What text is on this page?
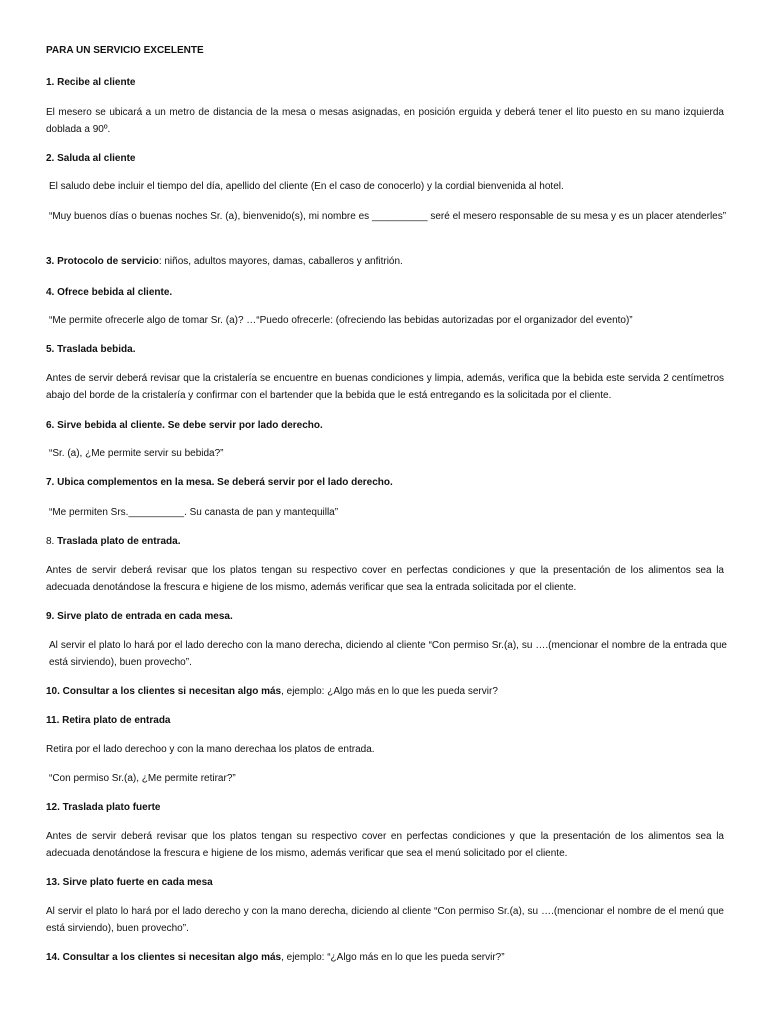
PARA UN SERVICIO EXCELENTE

1. Recibe al cliente

El mesero se ubicará a un metro de distancia de la mesa o mesas asignadas, en posición erguida y deberá tener el lito puesto en su mano izquierda doblada a 90º.

2. Saluda al cliente

El saludo debe incluir el tiempo del día, apellido del cliente (En el caso de conocerlo) y la cordial bienvenida al hotel.

“Muy buenos días o buenas noches Sr. (a), bienvenido(s), mi nombre es __________ seré el mesero responsable de su mesa y es un placer atenderles”

3. Protocolo de servicio: niños, adultos mayores, damas, caballeros y anfitrión.

4. Ofrece bebida al cliente.

“Me permite ofrecerle algo de tomar Sr. (a)? …“Puedo ofrecerle: (ofreciendo las bebidas autorizadas por el organizador del evento)”

5. Traslada bebida.

Antes de servir deberá revisar que la cristalería se encuentre en buenas condiciones y limpia, además, verifica que la bebida este servida 2 centímetros abajo del borde de la cristalería y confirmar con el bartender que la bebida que le está entregando es la solicitada por el cliente.

6. Sirve bebida al cliente. Se debe servir por lado derecho.

“Sr. (a), ¿Me permite servir su bebida?”

7. Ubica complementos en la mesa. Se deberá servir por el lado derecho.

“Me permiten Srs.__________. Su canasta de pan y mantequilla”

8. Traslada plato de entrada.

Antes de servir deberá revisar que los platos tengan su respectivo cover en perfectas condiciones y que la presentación de los alimentos sea la adecuada denotándose la frescura e higiene de los mismo, además verificar que sea la entrada solicitada por el cliente.

9. Sirve plato de entrada en cada mesa.

Al servir el plato lo hará por el lado derecho con la mano derecha, diciendo al cliente “Con permiso Sr.(a), su ….(mencionar el nombre de la entrada que está sirviendo), buen provecho”.

10. Consultar a los clientes si necesitan algo más, ejemplo: ¿Algo más en lo que les pueda servir?

11. Retira plato de entrada

Retira por el lado derechoo y con la mano derechaa los platos de entrada.

“Con permiso Sr.(a), ¿Me permite retirar?”

12. Traslada plato fuerte

Antes de servir deberá revisar que los platos tengan su respectivo cover en perfectas condiciones y que la presentación de los alimentos sea la adecuada denotándose la frescura e higiene de los mismo, además verificar que sea el menú solicitado por el cliente.

13. Sirve plato fuerte en cada mesa

Al servir el plato lo hará por el lado derecho y con la mano derecha, diciendo al cliente “Con permiso Sr.(a), su ….(mencionar el nombre de el menú que está sirviendo), buen provecho”.

14. Consultar a los clientes si necesitan algo más, ejemplo: “¿Algo más en lo que les pueda servir?”
